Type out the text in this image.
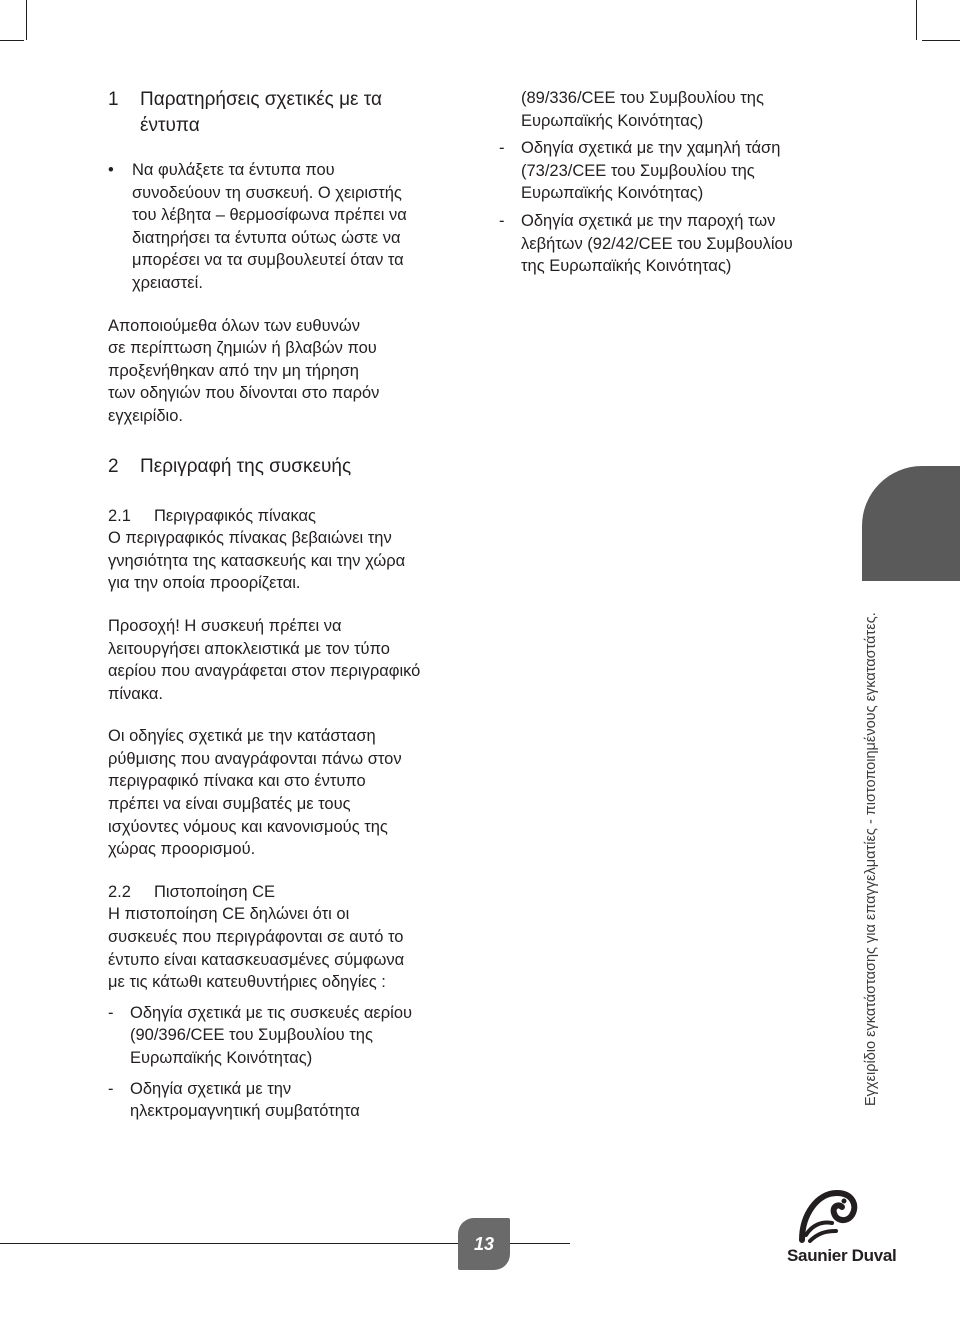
1 Παρατηρήσεις σχετικές με τα
έντυπα
• Να φυλάξετε τα έντυπα που

συνοδεύουν τη συσκευή. Ο χειριστής

του λέβητα – θερμοσίφωνα πρέπει να

διατηρήσει τα έντυπα ούτως ώστε να

μπορέσει να τα συμβουλευτεί όταν τα

χρειαστεί.

Αποποιούμεθα όλων των ευθυνών

σε περίπτωση ζημιών ή βλαβών που

προξενήθηκαν από την μη τήρηση

των οδηγιών που δίνονται στο παρόν

εγχειρίδιο.

2 Περιγραφή της συσκευής
2.1 Περιγραφικός πίνακας

Ο περιγραφικός πίνακας βεβαιώνει την

γνησιότητα της κατασκευής και την χώρα

για την οποία προορίζεται.

Προσοχή! Η συσκευή πρέπει να

λειτουργήσει αποκλειστικά με τον τύπο

αερίου που αναγράφεται στον περιγραφικό

πίνακα.

Οι οδηγίες σχετικά με την κατάσταση

ρύθμισης που αναγράφονται πάνω στον

περιγραφικό πίνακα και στο έντυπο

πρέπει να είναι συμβατές με τους

ισχύοντες νόμους και κανονισμούς της

χώρας προορισμού.

2.2 Πιστοποίηση CE

Η πιστοποίηση CE δηλώνει ότι οι

συσκευές που περιγράφονται σε αυτό το

έντυπο είναι κατασκευασμένες σύμφωνα

με τις κάτωθι κατευθυντήριες οδηγίες :

- Οδηγία σχετικά με τις συσκευές αερίου

(90/396/CEE του Συμβουλίου της

Ευρωπαϊκής Κοινότητας)

- Οδηγία σχετικά με την

ηλεκτρομαγνητική συμβατότητα

(89/336/CEE του Συμβουλίου της

Ευρωπαϊκής Κοινότητας)

- Οδηγία σχετικά με την χαμηλή τάση

(73/23/CEE του Συμβουλίου της

Ευρωπαϊκής Κοινότητας)

- Οδηγία σχετικά με την παροχή των

λεβήτων (92/42/CEE του Συμβουλίου

της Ευρωπαϊκής Κοινότητας)

Εγχειρίδιο εγκατάστασης για επαγγελματίες - πιστοποιημένους εγκαταστάτες.
13
Saunier Duval
